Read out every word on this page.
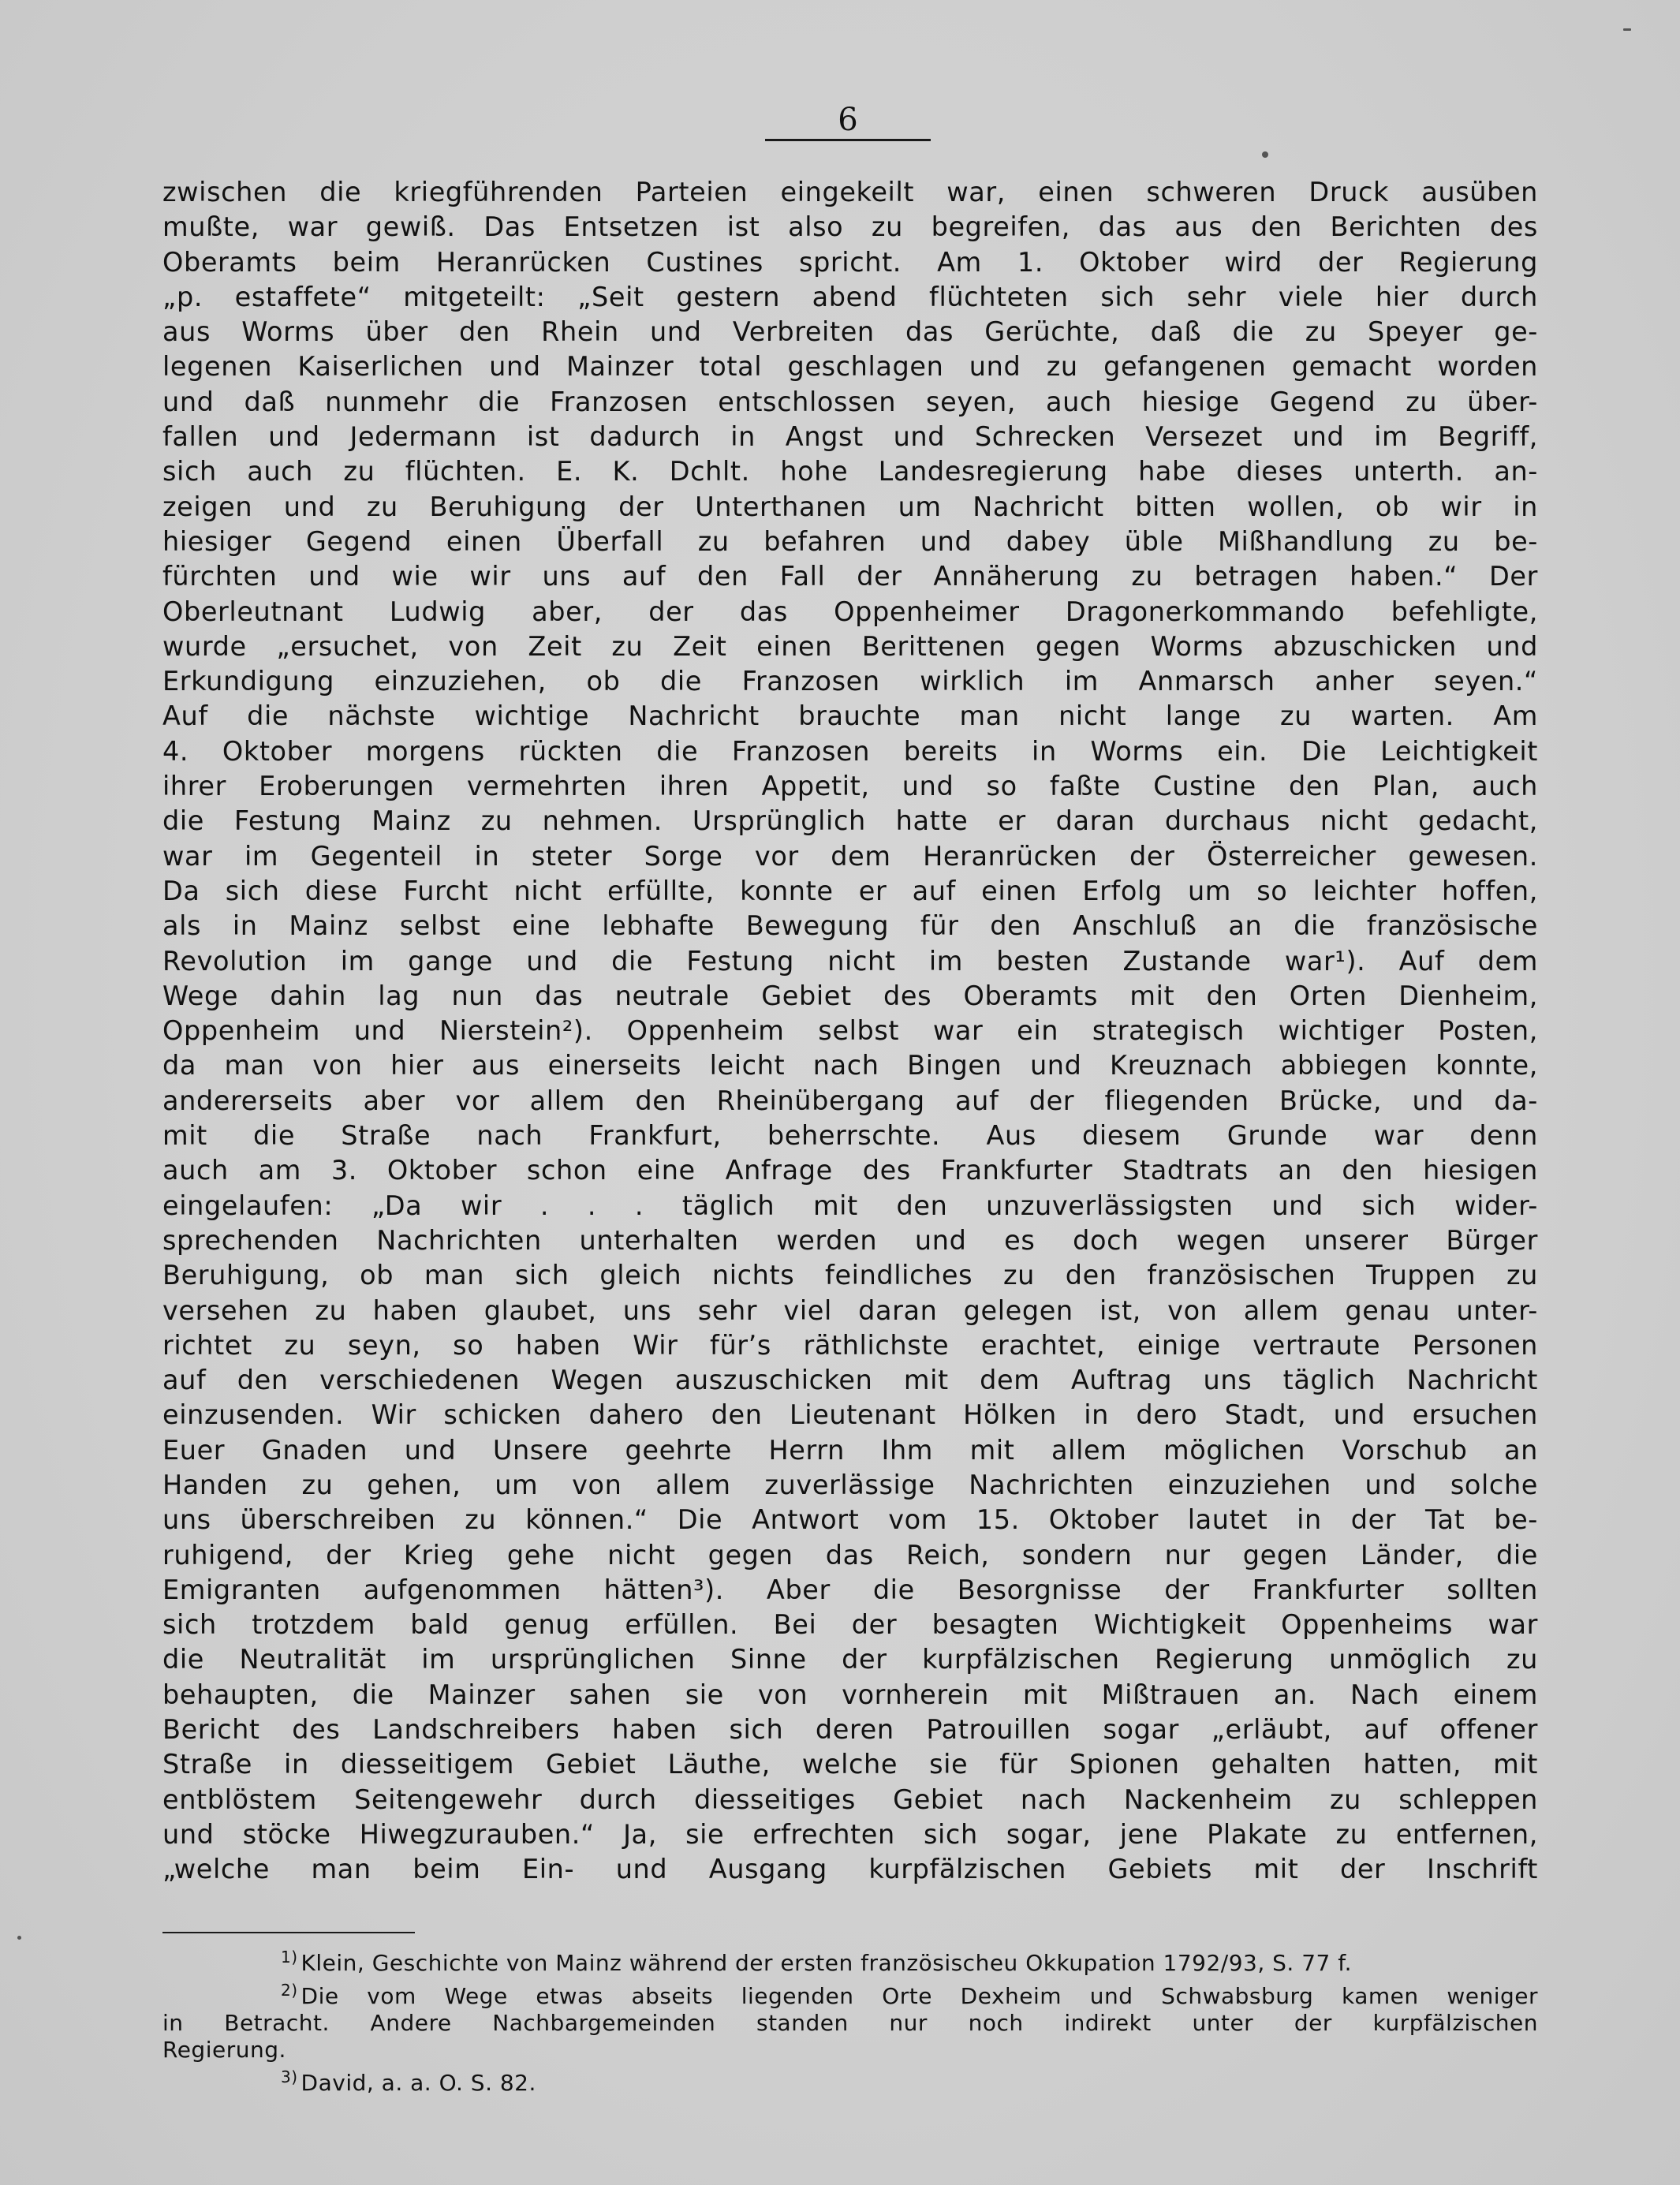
6
zwischen die kriegführenden Parteien eingekeilt war, einen schweren Druck ausüben
mußte, war gewiß. Das Entsetzen ist also zu begreifen, das aus den Berichten des
Oberamts beim Heranrücken Custines spricht. Am 1. Oktober wird der Regierung
„p. estaffete“ mitgeteilt: „Seit gestern abend flüchteten sich sehr viele hier durch
aus Worms über den Rhein und Verbreiten das Gerüchte, daß die zu Speyer ge-
legenen Kaiserlichen und Mainzer total geschlagen und zu gefangenen gemacht worden
und daß nunmehr die Franzosen entschlossen seyen, auch hiesige Gegend zu über-
fallen und Jedermann ist dadurch in Angst und Schrecken Versezet und im Begriff,
sich auch zu flüchten. E. K. Dchlt. hohe Landesregierung habe dieses unterth. an-
zeigen und zu Beruhigung der Unterthanen um Nachricht bitten wollen, ob wir in
hiesiger Gegend einen Überfall zu befahren und dabey üble Mißhandlung zu be-
fürchten und wie wir uns auf den Fall der Annäherung zu betragen haben.“ Der
Oberleutnant Ludwig aber, der das Oppenheimer Dragonerkommando befehligte,
wurde „ersuchet, von Zeit zu Zeit einen Berittenen gegen Worms abzuschicken und
Erkundigung einzuziehen, ob die Franzosen wirklich im Anmarsch anher seyen.“
Auf die nächste wichtige Nachricht brauchte man nicht lange zu warten. Am
4. Oktober morgens rückten die Franzosen bereits in Worms ein. Die Leichtigkeit
ihrer Eroberungen vermehrten ihren Appetit, und so faßte Custine den Plan, auch
die Festung Mainz zu nehmen. Ursprünglich hatte er daran durchaus nicht gedacht,
war im Gegenteil in steter Sorge vor dem Heranrücken der Österreicher gewesen.
Da sich diese Furcht nicht erfüllte, konnte er auf einen Erfolg um so leichter hoffen,
als in Mainz selbst eine lebhafte Bewegung für den Anschluß an die französische
Revolution im gange und die Festung nicht im besten Zustande war¹). Auf dem
Wege dahin lag nun das neutrale Gebiet des Oberamts mit den Orten Dienheim,
Oppenheim und Nierstein²). Oppenheim selbst war ein strategisch wichtiger Posten,
da man von hier aus einerseits leicht nach Bingen und Kreuznach abbiegen konnte,
andererseits aber vor allem den Rheinübergang auf der fliegenden Brücke, und da-
mit die Straße nach Frankfurt, beherrschte. Aus diesem Grunde war denn
auch am 3. Oktober schon eine Anfrage des Frankfurter Stadtrats an den hiesigen
eingelaufen: „Da wir . . . täglich mit den unzuverlässigsten und sich wider-
sprechenden Nachrichten unterhalten werden und es doch wegen unserer Bürger
Beruhigung, ob man sich gleich nichts feindliches zu den französischen Truppen zu
versehen zu haben glaubet, uns sehr viel daran gelegen ist, von allem genau unter-
richtet zu seyn, so haben Wir für’s räthlichste erachtet, einige vertraute Personen
auf den verschiedenen Wegen auszuschicken mit dem Auftrag uns täglich Nachricht
einzusenden. Wir schicken dahero den Lieutenant Hölken in dero Stadt, und ersuchen
Euer Gnaden und Unsere geehrte Herrn Ihm mit allem möglichen Vorschub an
Handen zu gehen, um von allem zuverlässige Nachrichten einzuziehen und solche
uns überschreiben zu können.“ Die Antwort vom 15. Oktober lautet in der Tat be-
ruhigend, der Krieg gehe nicht gegen das Reich, sondern nur gegen Länder, die
Emigranten aufgenommen hätten³). Aber die Besorgnisse der Frankfurter sollten
sich trotzdem bald genug erfüllen. Bei der besagten Wichtigkeit Oppenheims war
die Neutralität im ursprünglichen Sinne der kurpfälzischen Regierung unmöglich zu
behaupten, die Mainzer sahen sie von vornherein mit Mißtrauen an. Nach einem
Bericht des Landschreibers haben sich deren Patrouillen sogar „erläubt, auf offener
Straße in diesseitigem Gebiet Läuthe, welche sie für Spionen gehalten hatten, mit
entblöstem Seitengewehr durch diesseitiges Gebiet nach Nackenheim zu schleppen
und stöcke Hiwegzurauben.“ Ja, sie erfrechten sich sogar, jene Plakate zu entfernen,
„welche man beim Ein- und Ausgang kurpfälzischen Gebiets mit der Inschrift
$^{1)}$ Klein, Geschichte von Mainz während der ersten französischeu Okkupation 1792/93, S. 77 f.
$^{2)}$ Die vom Wege etwas abseits liegenden Orte Dexheim und Schwabsburg kamen weniger
in Betracht. Andere Nachbargemeinden standen nur noch indirekt unter der kurpfälzischen
Regierung.
$^{3)}$ David, a. a. O. S. 82.
